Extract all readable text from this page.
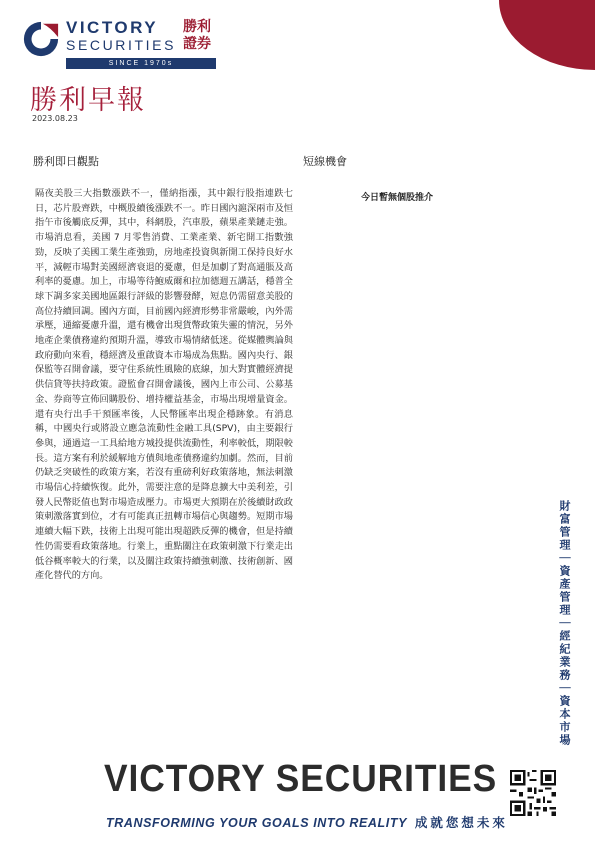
VICTORY
SECURITIES
勝利證券
SINCE 1970s
勝利早報
2023.08.23
勝利即日觀點	短線機會

隔夜美股三大指數漲跌不一，僅納指漲，其中銀行股指連跌七日，芯片股齊跌，中概股續後漲跌不一。昨日國內滬深兩市及恒指午市後觸底反彈，其中，科網股，汽車股，蘋果產業鏈走強。市場消息看，美國 7 月零售消費、工業產業、新宅開工指數強勁，反映了美國工業生產強勁，房地產投資與新開工保持良好水平，減輕市場對美國經濟衰退的憂慮，但是加劇了對高通脹及高利率的憂慮。加上，市場等待鮑威爾和拉加德週五講話，穩普全球下調多家美國地區銀行評級的影響發酵，短息仍需留意美股的高位持續回調。國內方面，目前國內經濟形勢非常嚴峻，內外需承壓，通縮憂慮升溫，還有機會出現貨幣政策失靈的情況，另外地產企業債務違約預期升溫，導致市場情緒低迷。從媒體輿論與政府動向來看，穩經濟及重啟資本市場成為焦點。國內央行、銀保監等召開會議，要守住系統性風險的底線，加大對實體經濟提供信貸等扶持政策。證監會召開會議後，國內上市公司、公募基金、券商等宣佈回購股份、增持權益基金，市場出現增量資金。還有央行出手干預匯率後，人民幣匯率出現企穩跡象。有消息稱，中國央行或將設立應急流動性金融工具(SPV)，由主要銀行參與，通過這一工具給地方城投提供流動性，利率較低，期限較長。這方案有利於緩解地方債與地產債務違約加劇。然而，目前仍缺乏突破性的政策方案，若沒有重磅利好政策落地，無法刺激市場信心持續恢復。此外，需要注意的是降息擴大中美利差，引發人民幣貶值也對市場造成壓力。市場更大預期在於後續財政政策刺激落實到位，才有可能真正扭轉市場信心與趨勢。短期市場連續大幅下跌，技術上出現可能出現超跌反彈的機會，但是持續性仍需要看政策落地。行業上，重點關注在政策刺激下行業走出低谷概率較大的行業，以及關注政策持續強刺激、技術創新、國產化替代的方向。

今日暫無個股推介
財富管理｜資產管理｜經紀業務｜資本市場
VICTORY SECURITIES
TRANSFORMING YOUR GOALS INTO REALITY 成就您想未來
